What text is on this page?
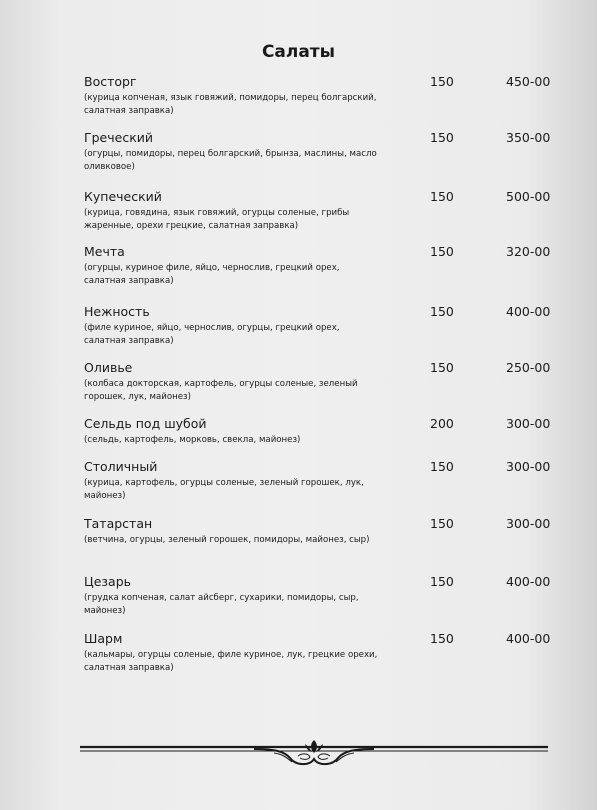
Салаты
Восторг
(курица копченая, язык говяжий, помидоры, перец болгарский, салатная заправка)
150	450-00
Греческий
(огурцы, помидоры, перец болгарский, брынза, маслины, масло оливковое)
150	350-00
Купеческий
(курица, говядина, язык говяжий, огурцы соленые, грибы жаренные, орехи грецкие, салатная заправка)
150	500-00
Мечта
(огурцы, куриное филе, яйцо, чернослив, грецкий орех, салатная заправка)
150	320-00
Нежность
(филе куриное, яйцо, чернослив, огурцы, грецкий орех, салатная заправка)
150	400-00
Оливье
(колбаса докторская, картофель, огурцы соленые, зеленый горошек, лук, майонез)
150	250-00
Сельдь под шубой
(сельдь, картофель, морковь, свекла, майонез)
200	300-00
Столичный
(курица, картофель, огурцы соленые, зеленый горошек, лук, майонез)
150	300-00
Татарстан
(ветчина, огурцы, зеленый горошек, помидоры, майонез, сыр)
150	300-00
Цезарь
(грудка копченая, салат айсберг, сухарики, помидоры, сыр, майонез)
150	400-00
Шарм
(кальмары, огурцы соленые, филе куриное, лук, грецкие орехи, салатная заправка)
150	400-00
